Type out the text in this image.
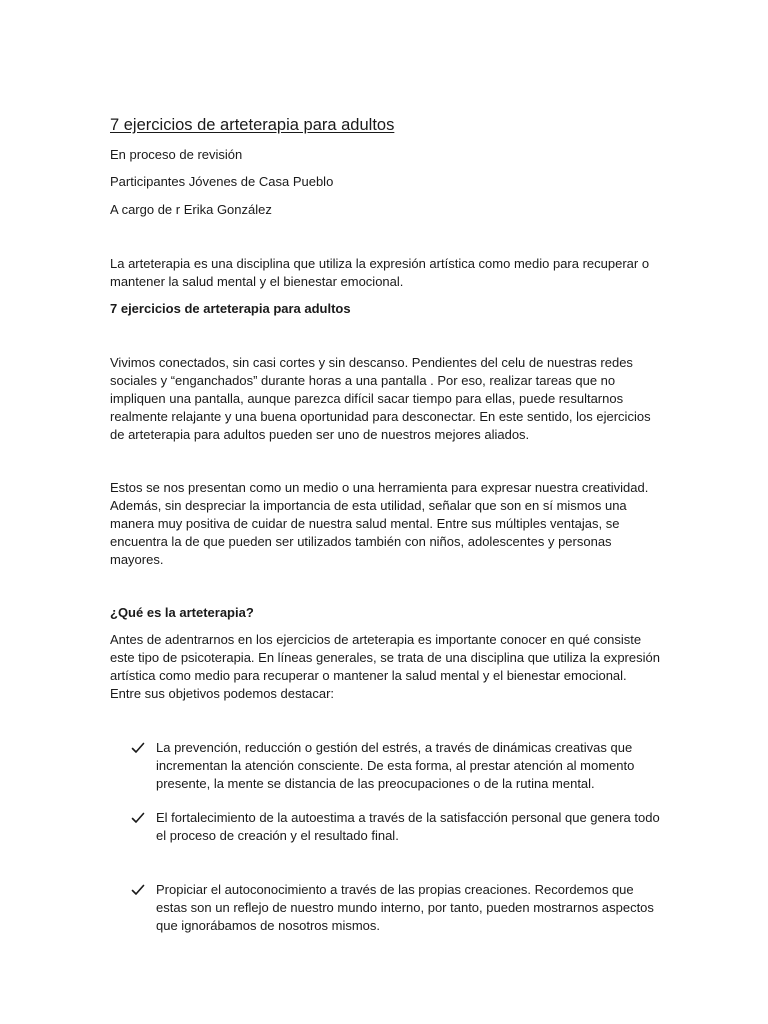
7 ejercicios de arteterapia para adultos
En proceso de revisión
Participantes Jóvenes de Casa Pueblo
A cargo de r Erika González
La arteterapia es una disciplina que utiliza la expresión artística como medio para recuperar o
mantener la salud mental y el bienestar emocional.
7 ejercicios de arteterapia para adultos
Vivimos conectados, sin casi cortes y sin descanso. Pendientes del celu de nuestras redes
sociales y “enganchados” durante horas a una pantalla . Por eso, realizar tareas que no
impliquen una pantalla, aunque parezca difícil sacar tiempo para ellas, puede resultarnos
realmente relajante y una buena oportunidad para desconectar. En este sentido, los ejercicios
de arteterapia para adultos pueden ser uno de nuestros mejores aliados.
Estos se nos presentan como un medio o una herramienta para expresar nuestra creatividad.
Además, sin despreciar la importancia de esta utilidad, señalar que son en sí mismos una
manera muy positiva de cuidar de nuestra salud mental. Entre sus múltiples ventajas, se
encuentra la de que pueden ser utilizados también con niños, adolescentes y personas
mayores.
¿Qué es la arteterapia?
Antes de adentrarnos en los ejercicios de arteterapia es importante conocer en qué consiste
este tipo de psicoterapia. En líneas generales, se trata de una disciplina que utiliza la expresión
artística como medio para recuperar o mantener la salud mental y el bienestar emocional.
Entre sus objetivos podemos destacar:
La prevención, reducción o gestión del estrés, a través de dinámicas creativas que
incrementan la atención consciente. De esta forma, al prestar atención al momento
presente, la mente se distancia de las preocupaciones o de la rutina mental.
El fortalecimiento de la autoestima a través de la satisfacción personal que genera todo
el proceso de creación y el resultado final.
Propiciar el autoconocimiento a través de las propias creaciones. Recordemos que
estas son un reflejo de nuestro mundo interno, por tanto, pueden mostrarnos aspectos
que ignorábamos de nosotros mismos.
